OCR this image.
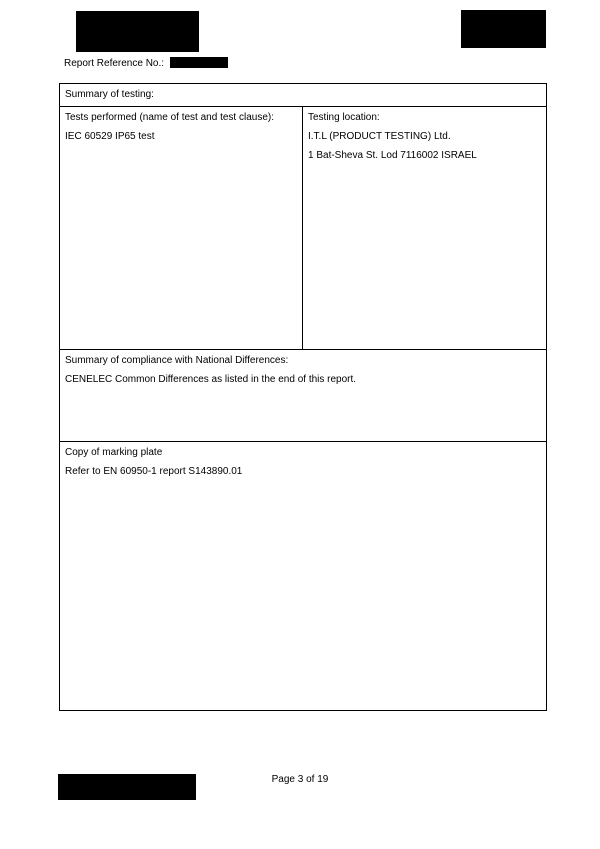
Report Reference No.:
Summary of testing:

Tests performed (name of test and test clause):

IEC 60529 IP65 test

Testing location:

I.T.L (PRODUCT TESTING) Ltd.

1 Bat-Sheva St. Lod 7116002 ISRAEL

Summary of compliance with National Differences:

CENELEC Common Differences as listed in the end of this report.

Copy of marking plate

Refer to EN 60950-1 report S143890.01

Page 3 of 19
